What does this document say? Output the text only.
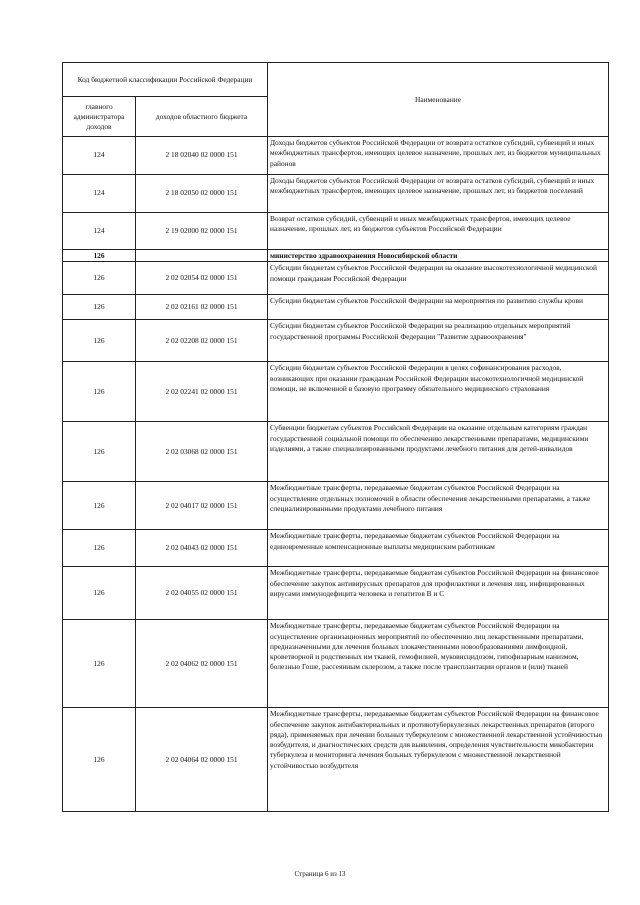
Код бюджетной классификации Российской Федерации		Наименование
главного администратора доходов	доходов областного бюджета	
124	2 18 02040 02 0000 151	Доходы бюджетов субъектов Российской Федерации от возврата остатков субсидий, субвенций и иных межбюджетных трансфертов, имеющих целевое назначение, прошлых лет, из бюджетов муниципальных районов
124	2 18 02050 02 0000 151	Доходы бюджетов субъектов Российской Федерации от возврата остатков субсидий, субвенций и иных межбюджетных трансфертов, имеющих целевое назначение, прошлых лет, из бюджетов поселений
124	2 19 02000 02 0000 151	Возврат остатков субсидий, субвенций и иных межбюджетных трансфертов, имеющих целевое назначение, прошлых лет, из бюджетов субъектов Российской Федерации
126		министерство здравоохранения Новосибирской области
126	2 02 02054 02 0000 151	Субсидии бюджетам субъектов Российской Федерации на оказание высокотехнологичной медицинской помощи гражданам Российской Федерации
126	2 02 02161 02 0000 151	Субсидии бюджетам субъектов Российской Федерации на мероприятия по развитию службы крови
126	2 02 02208 02 0000 151	Субсидии бюджетам субъектов Российской Федерации на реализацию отдельных мероприятий государственной программы Российской Федерации "Развитие здравоохранения"
126	2 02 02241 02 0000 151	Субсидии бюджетам субъектов Российской Федерации в целях софинансирования расходов, возникающих при оказании гражданам Российской Федерации высокотехнологичной медицинской помощи, не включенной в базовую программу обязательного медицинского страхования
126	2 02 03068 02 0000 151	Субвенции бюджетам субъектов Российской Федерации на оказание отдельным категориям граждан государственной социальной помощи по обеспечению лекарственными препаратами, медицинскими изделиями, а также специализированными продуктами лечебного питания для детей-инвалидов
126	2 02 04017 02 0000 151	Межбюджетные трансферты, передаваемые бюджетам субъектов Российской Федерации на осуществление отдельных полномочий в области обеспечения лекарственными препаратами, а также специализированными продуктами лечебного питания
126	2 02 04043 02 0000 151	Межбюджетные трансферты, передаваемые бюджетам субъектов Российской Федерации на единовременные компенсационные выплаты медицинским работникам
126	2 02 04055 02 0000 151	Межбюджетные трансферты, передаваемые бюджетам субъектов Российской Федерации на финансовое обеспечение закупок антивирусных препаратов для профилактики и лечения лиц, инфицированных вирусами иммунодефицита человека и гепатитов B и C
126	2 02 04062 02 0000 151	Межбюджетные трансферты, передаваемые бюджетам субъектов Российской Федерации на осуществление организационных мероприятий по обеспечению лиц лекарственными препаратами, предназначенными для лечения больных злокачественными новообразованиями лимфоидной, кроветворной и родственных им тканей, гемофилией, муковисцидозом, гипофизарным нанизмом, болезнью Гоше, рассеянным склерозом, а также после трансплантации органов и (или) тканей
126	2 02 04064 02 0000 151	Межбюджетные трансферты, передаваемые бюджетам субъектов Российской Федерации на финансовое обеспечение закупок антибактериальных и противотуберкулезных лекарственных препаратов (второго ряда), применяемых при лечении больных туберкулезом с множественной лекарственной устойчивостью возбудителя, и диагностических средств для выявления, определения чувствительности микобактерии туберкулеза и мониторинга лечения больных туберкулезом с множественной лекарственной устойчивостью возбудителя
Страница 6 из 13
